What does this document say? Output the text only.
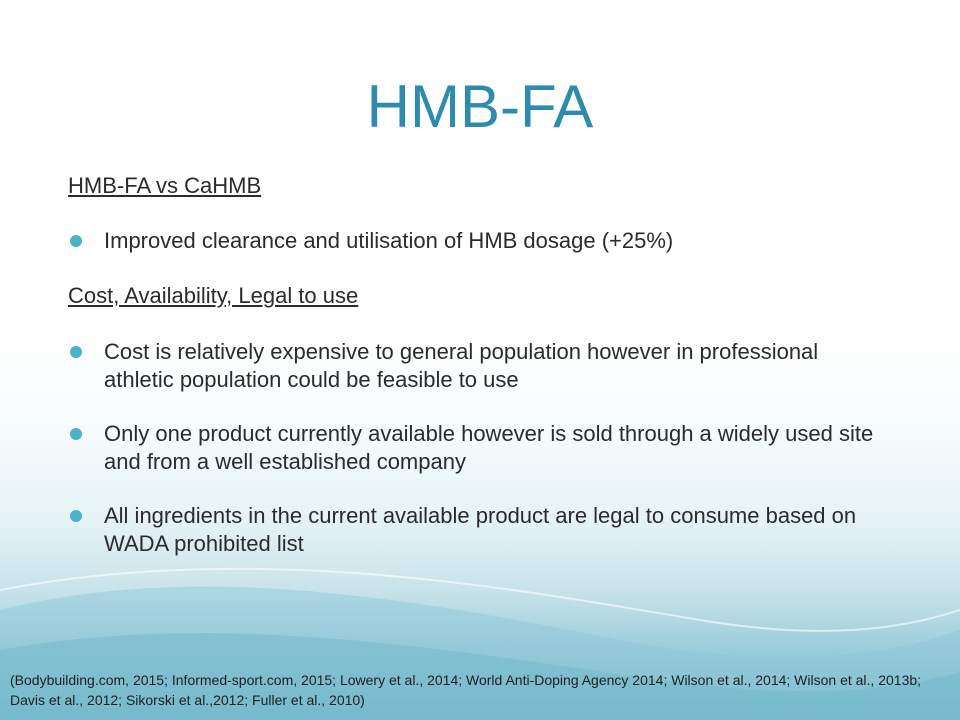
HMB-FA
HMB-FA vs CaHMB
Improved clearance and utilisation of HMB dosage (+25%)
Cost, Availability, Legal to use
Cost is relatively expensive to general population however in professional athletic population could be feasible to use
Only one product currently available however is sold through a widely used site and from a well established company
All ingredients in the current available product are legal to consume based on WADA prohibited list
(Bodybuilding.com, 2015; Informed-sport.com, 2015; Lowery et al., 2014; World Anti-Doping Agency 2014; Wilson et al., 2014; Wilson et al., 2013b; Davis et al., 2012; Sikorski et al.,2012; Fuller et al., 2010)
